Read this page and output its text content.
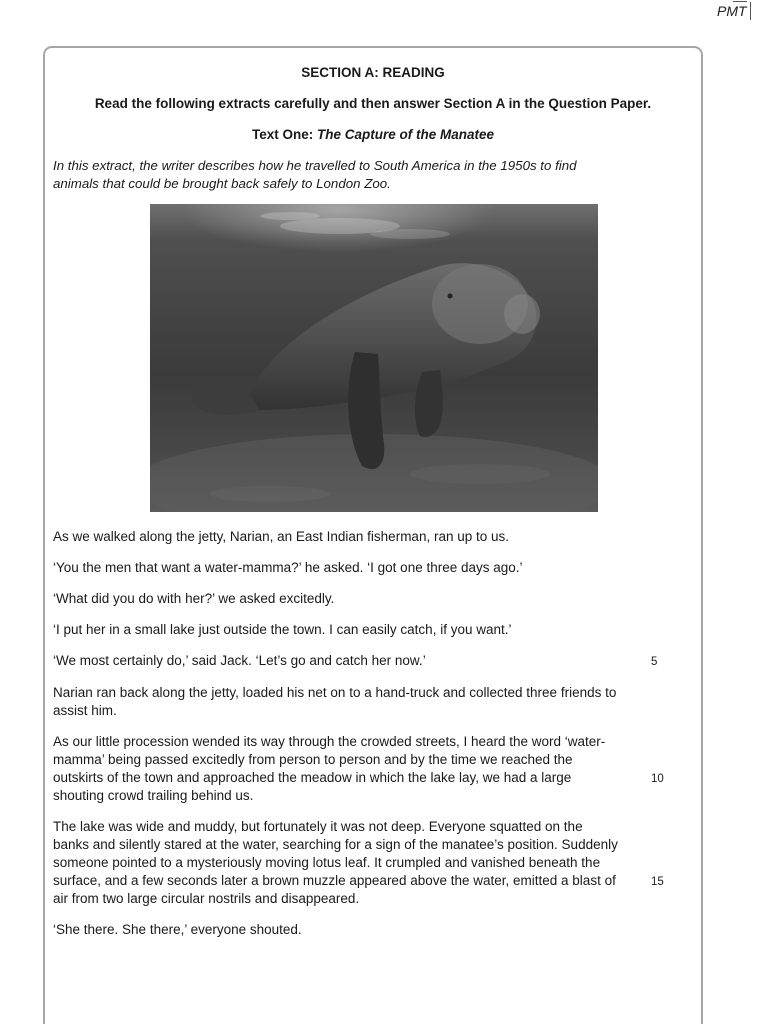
PMT
SECTION A: READING
Read the following extracts carefully and then answer Section A in the Question Paper.
Text One: The Capture of the Manatee

In this extract, the writer describes how he travelled to South America in the 1950s to find animals that could be brought back safely to London Zoo.

As we walked along the jetty, Narian, an East Indian fisherman, ran up to us.

‘You the men that want a water-mamma?’ he asked. ‘I got one three days ago.’

‘What did you do with her?’ we asked excitedly.

‘I put her in a small lake just outside the town. I can easily catch, if you want.’

‘We most certainly do,’ said Jack. ‘Let’s go and catch her now.’

Narian ran back along the jetty, loaded his net on to a hand-truck and collected three friends to assist him.

As our little procession wended its way through the crowded streets, I heard the word ‘water-mamma’ being passed excitedly from person to person and by the time we reached the outskirts of the town and approached the meadow in which the lake lay, we had a large shouting crowd trailing behind us.

The lake was wide and muddy, but fortunately it was not deep. Everyone squatted on the banks and silently stared at the water, searching for a sign of the manatee’s position. Suddenly someone pointed to a mysteriously moving lotus leaf. It crumpled and vanished beneath the surface, and a few seconds later a brown muzzle appeared above the water, emitted a blast of air from two large circular nostrils and disappeared.

‘She there. She there,’ everyone shouted.

5
10
15
